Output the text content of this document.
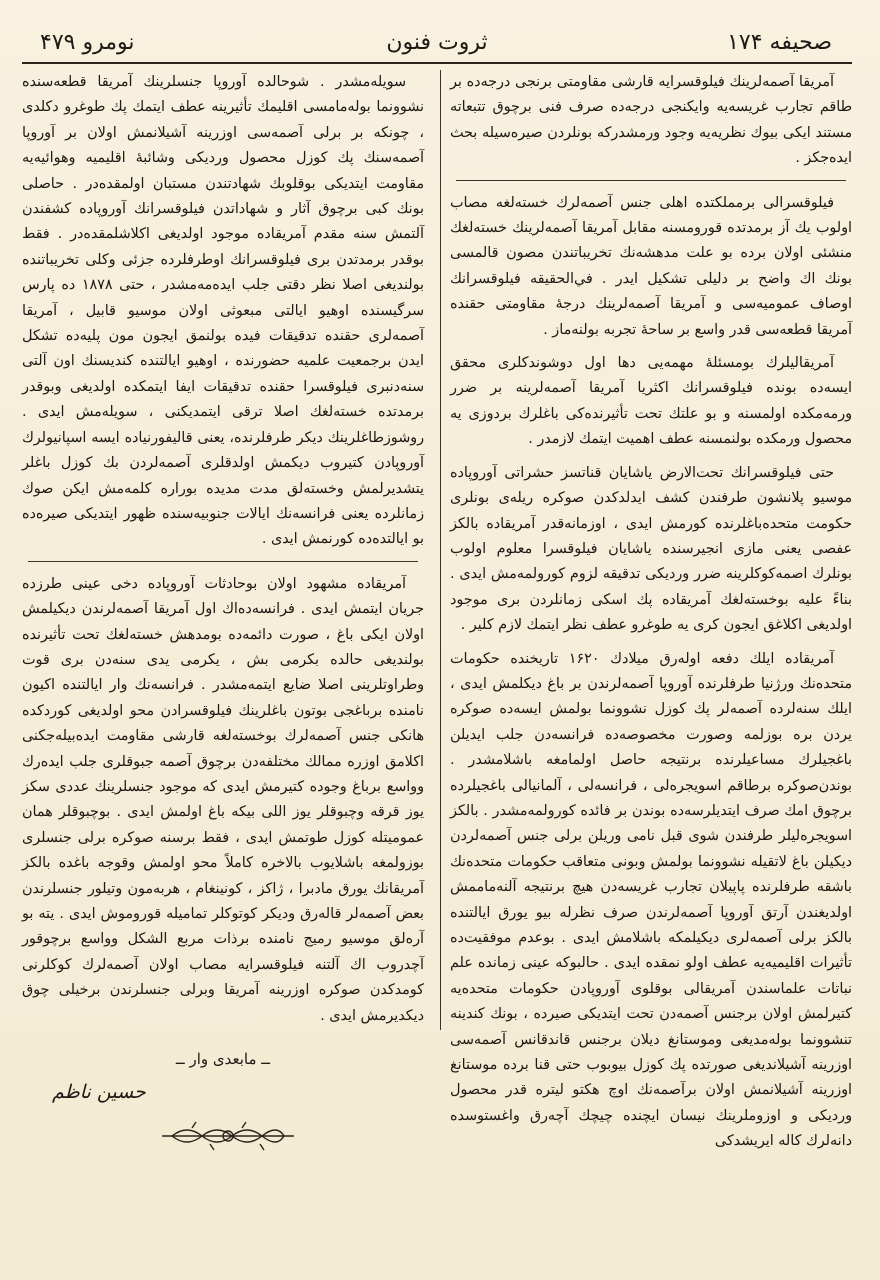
نومرو ۴۷۹	ثروت فنون	صحيفه ۱۷۴

آمريقا آصمه‌لرينك فيلوقسرايه قارشى مقاومتى برنجى درجه‌ده بر طاقم تجارب غريسه‌يه وايكنجى درجه‌ده صرف فنى برچوق تتبعاته مستند ايكى بيوك نظريه‌يه وجود ورمشدركه بونلردن صيره‌سيله بحث ايده‌جكز .

فيلوقسرالى برمملكتده اهلى جنس آصمه‌لرك خسته‌لغه مصاب اولوب يك آز برمدتده قورومسنه مقابل آمريقا آصمه‌لرينك خسته‌لغك منشئى اولان برده بو علت مدهشه‌نك تخريباتندن مصون قالمسى بونك اك واضح بر دليلى تشكيل ايدر . في‌الحقيقه فيلوقسرانك اوصاف عموميه‌سى و آمريقا آصمه‌لرينك درجهٔ مقاومتى حقنده آمريقا قطعه‌سى قدر واسع بر ساحهٔ تجربه بولنه‌ماز .

آمريقاليلرك بومسئله‌ٔ مهمه‌يى دها اول دوشوندكلرى محقق ايسه‌ده بونده فيلوقسرانك اكثريا آمريقا آصمه‌لرينه بر ضرر ورمه‌مكده اولمسنه و بو علتك تحت تأثيرنده‌كى باغلرك بردوزى يه محصول ورمكده بولنمسنه عطف اهميت ايتمك لازمدر .

حتى فيلوقسرانك تحت‌الارض ياشايان قناتسز حشراتى آوروپاده موسيو پلانشون طرفندن كشف ايدلدكدن صوكره ريله‌ى بونلرى حكومت متحده‌باغلرنده كورمش ايدى ، اوزمانه‌قدر آمريقاده بالكز عفصى يعنى مازى انجيرسنده ياشايان فيلوقسرا معلوم اولوب بونلرك اصمه‌كوكلرينه ضرر ورديكى تدقيقه لزوم كورولمه‌مش ايدى . بناءً عليه بوخسته‌لغك آمريقاده پك اسكى زمانلردن برى موجود اولديغى اكلاغق ايجون كرى يه طوغرو عطف نظر ايتمك لازم كلير .

آمريقاده ايلك دفعه اوله‌رق ميلادك ۱۶۲۰ تاريخنده حكومات متحده‌نك ورژنيا طرفلرنده آوروپا آصمه‌لرندن بر باغ ديكلمش ايدى ، ايلك سنه‌لرده آصمه‌لر پك كوزل نشوونما بولمش ايسه‌ده صوكره يردن بره بوزلمه وصورت مخصوصه‌ده فرانسه‌دن جلب ايديلن باغجيلرك مساعيلرنده برنتيجه حاصل اولمامغه باشلامشدر . بوندن‌صوكره برطاقم اسويجره‌لى ، فرانسه‌لى ، آلمانيالى باغجيلرده برچوق امك صرف ايتديلرسه‌ده بوندن بر فائده كورولمه‌مشدر . بالكز اسويجره‌ليلر طرفندن شوى قبل نامى وريلن برلى جنس آصمه‌لردن ديكيلن باغ لاتقيله نشوونما بولمش وبونى متعاقب حكومات متحده‌نك باشقه طرفلرنده پاپيلان تجارب غريسه‌دن هيچ برنتيجه آلنه‌ماممش اولديغندن آرتق آوروپا آصمه‌لرندن صرف نظرله بيو يورق ايالتنده بالكز برلى آصمه‌لرى ديكيلمكه باشلامش ايدى . بوعدم موفقيت‌ده تأثيرات اقليميه‌يه عطف اولو نمقده ايدى . حالبوكه عينى زمانده علم نباتات علماسندن آمريقالى بوقلوى آوروپادن حكومات متحده‌يه كتيرلمش اولان برجنس آصمه‌دن تحت ايتديكى صيرده ، بونك كندينه تنشوونما بوله‌مديغى وموستانغ ديلان برجنس قاندقانس آصمه‌سى اوزرينه آشيلانديغى صورتده پك كوزل بيوبوب حتى قنا برده موستانغ اوزرينه آشيلانمش اولان برآصمه‌نك اوچ هكتو ليتره قدر محصول ورديكى و اوزوملرينك نيسان ايچنده چيچك آچه‌رق واغستوسده دانه‌لرك كاله ايريشدكى

سويله‌مشدر . شوحالده آوروپا جنسلرينك آمريقا قطعه‌سنده نشوونما بوله‌مامسى اقليمك تأثيرينه عطف ايتمك پك طوغرو دكلدى ، چونكه بر برلى آصمه‌سى اوزرينه آشيلانمش اولان بر آوروپا آصمه‌سنك پك كوزل محصول ورديكى وشائبهٔ اقليميه وهوائيه‌يه مقاومت ايتديكى بوقلوبك شهادتندن مستبان اولمقده‌در . حاصلى بونك كبى برچوق آثار و شهاداتدن فيلوقسرانك آوروپاده كشفندن آلتمش سنه مقدم آمريقاده موجود اولديغى اكلاشلمقده‌در . فقط بوقدر برمدتدن برى فيلوقسرانك اوطرفلرده جزئى وكلى تخريباتنده بولنديغى اصلا نظر دقتى جلب ايده‌مه‌مشدر ، حتى ۱۸۷۸ ده پارس سرگيسنده اوهيو ايالتى مبعوثى اولان موسيو قابيل ، آمريقا آصمه‌لرى حقنده تدقيقات فيده بولنمق ايجون مون پليه‌ده تشكل ايدن برجمعيت علميه حضورنده ، اوهيو ايالتنده كنديسنك اون آلتى سنه‌دنبرى فيلوقسرا حقنده تدقيقات ايفا ايتمكده اولديغى وبوقدر برمدتده خسته‌لغك اصلا ترقى ايتمديكنى ، سويله‌مش ايدى . روشوزطاغلرينك ديكر طرفلرنده، يعنى قاليفورنياده ايسه اسپانيولرك آوروپادن كتيروب ديكمش اولدقلرى آصمه‌لردن بك كوزل باغلر يتشديرلمش وخسته‌لق مدت مديده بوراره كلمه‌مش ايكن صوك زمانلرده يعنى فرانسه‌نك ايالات جنوبيه‌سنده ظهور ايتديكى صيره‌ده بو ايالتده‌ده كورنمش ايدى .

آمريقاده مشهود اولان بوحادثات آوروپاده دخى عينى طرزده جريان ايتمش ايدى . فرانسه‌ده‌اك اول آمريقا آصمه‌لرندن ديكيلمش اولان ايكى باغ ، صورت دائمه‌ده بومدهش خسته‌لغك تحت تأثيرنده بولنديغى حالده بكرمى بش ، يكرمى يدى سنه‌دن برى قوت وطراوتلرينى اصلا ضايع ايتمه‌مشدر . فرانسه‌نك وار ايالتنده اكيون نامنده برباغجى بوتون باغلرينك فيلوقسرادن محو اولديغى كوردكده هانكى جنس آصمه‌لرك بوخسته‌لغه قارشى مقاومت ايده‌بيله‌جكنى اكلامق اوزره ممالك مختلفه‌دن برچوق آصمه جبوقلرى جلب ايده‌رك وواسع برباغ وجوده كتيرمش ايدى كه موجود جنسلرينك عددى سكز يوز قرقه وچبوقلر يوز اللى بيكه باغ اولمش ايدى . بوچبوقلر همان عموميتله كوزل طوتمش ايدى ، فقط برسنه صوكره برلى جنسلرى بوزولمغه باشلايوب بالاخره كاملاً محو اولمش وقوجه باغده بالكز آمريقانك يورق مادبرا ، ژاكز ، كونينغام ، هربه‌مون وتيلور جنسلرندن بعض آصمه‌لر قاله‌رق وديكر كوتوكلر تماميله قوروموش ايدى . يته بو آره‌لق موسيو رميج نامنده برذات مربع الشكل وواسع برچوقور آچدروب اك آلتنه فيلوقسرايه مصاب اولان آصمه‌لرك كوكلرنى كومدكدن صوكره اوزرينه آمريقا وبرلى جنسلرندن برخيلى چوق ديكديرمش ايدى .

ــ مابعدى وار ــ
حسين ناظم
